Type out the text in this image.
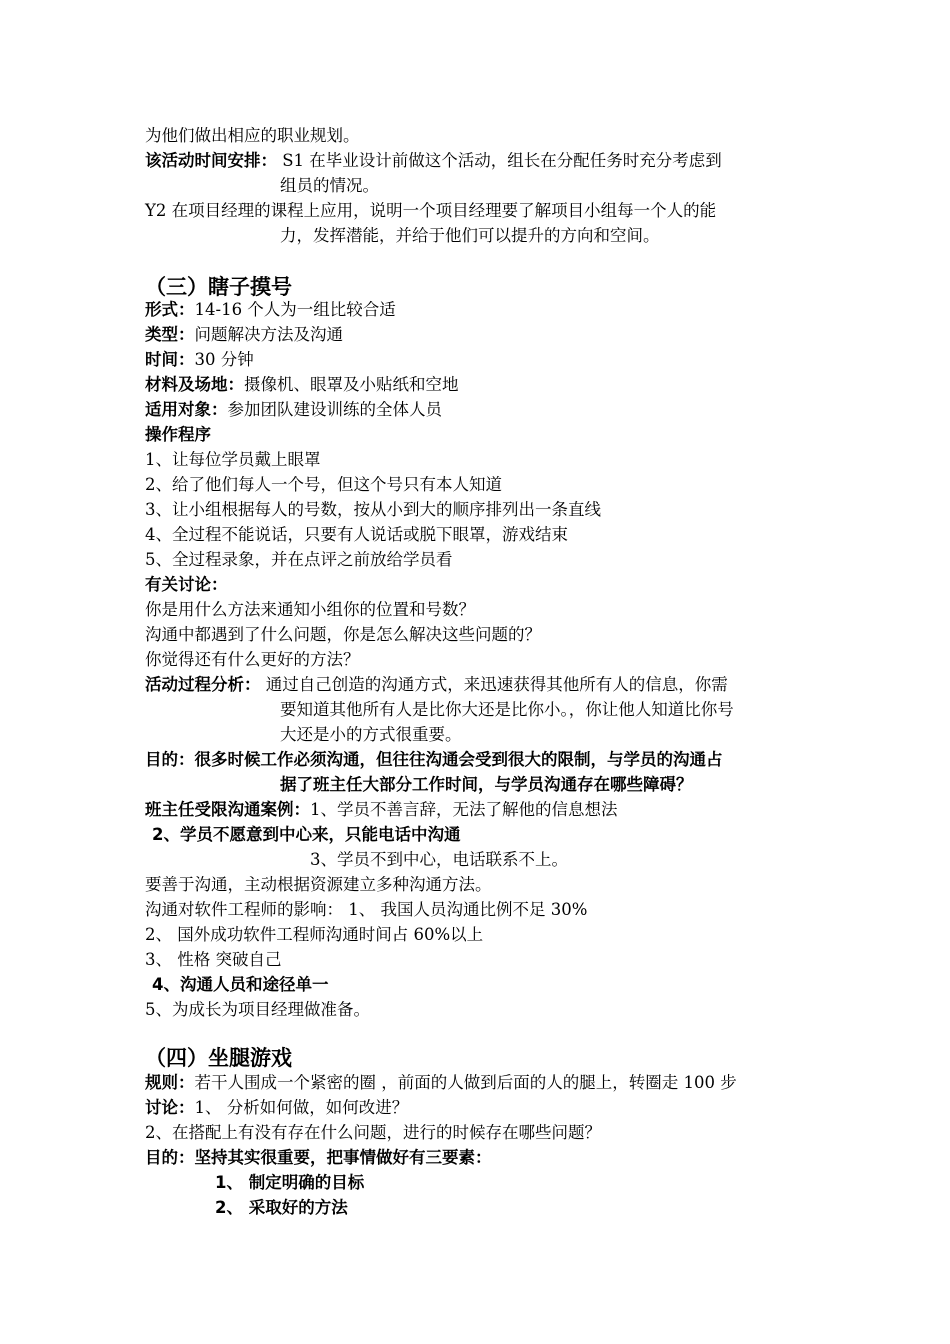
为他们做出相应的职业规划。
该活动时间安排： S1 在毕业设计前做这个活动，组长在分配任务时充分考虑到
组员的情况。
Y2 在项目经理的课程上应用，说明一个项目经理要了解项目小组每一个人的能
力，发挥潜能，并给于他们可以提升的方向和空间。
（三）瞎子摸号
形式：14-16 个人为一组比较合适
类型：问题解决方法及沟通
时间：30 分钟
材料及场地：摄像机、眼罩及小贴纸和空地
适用对象：参加团队建设训练的全体人员
操作程序
1、让每位学员戴上眼罩
2、给了他们每人一个号，但这个号只有本人知道
3、让小组根据每人的号数，按从小到大的顺序排列出一条直线
4、全过程不能说话，只要有人说话或脱下眼罩，游戏结束
5、全过程录象，并在点评之前放给学员看
有关讨论：
你是用什么方法来通知小组你的位置和号数？
沟通中都遇到了什么问题，你是怎么解决这些问题的？
你觉得还有什么更好的方法？
活动过程分析： 通过自己创造的沟通方式，来迅速获得其他所有人的信息，你需
要知道其他所有人是比你大还是比你小。，你让他人知道比你号
大还是小的方式很重要。
目的：很多时候工作必须沟通，但往往沟通会受到很大的限制，与学员的沟通占
据了班主任大部分工作时间，与学员沟通存在哪些障碍？
班主任受限沟通案例：1、学员不善言辞，无法了解他的信息想法
2、学员不愿意到中心来，只能电话中沟通
3、学员不到中心，电话联系不上。
要善于沟通，主动根据资源建立多种沟通方法。
沟通对软件工程师的影响： 1、 我国人员沟通比例不足 30%
2、 国外成功软件工程师沟通时间占 60%以上
3、 性格 突破自己
4、沟通人员和途径单一
5、为成长为项目经理做准备。
（四）坐腿游戏
规则：若干人围成一个紧密的圈 ，前面的人做到后面的人的腿上，转圈走 100 步
讨论：1、 分析如何做，如何改进？
2、在搭配上有没有存在什么问题，进行的时候存在哪些问题？
目的：坚持其实很重要，把事情做好有三要素：
1、 制定明确的目标
2、 采取好的方法
